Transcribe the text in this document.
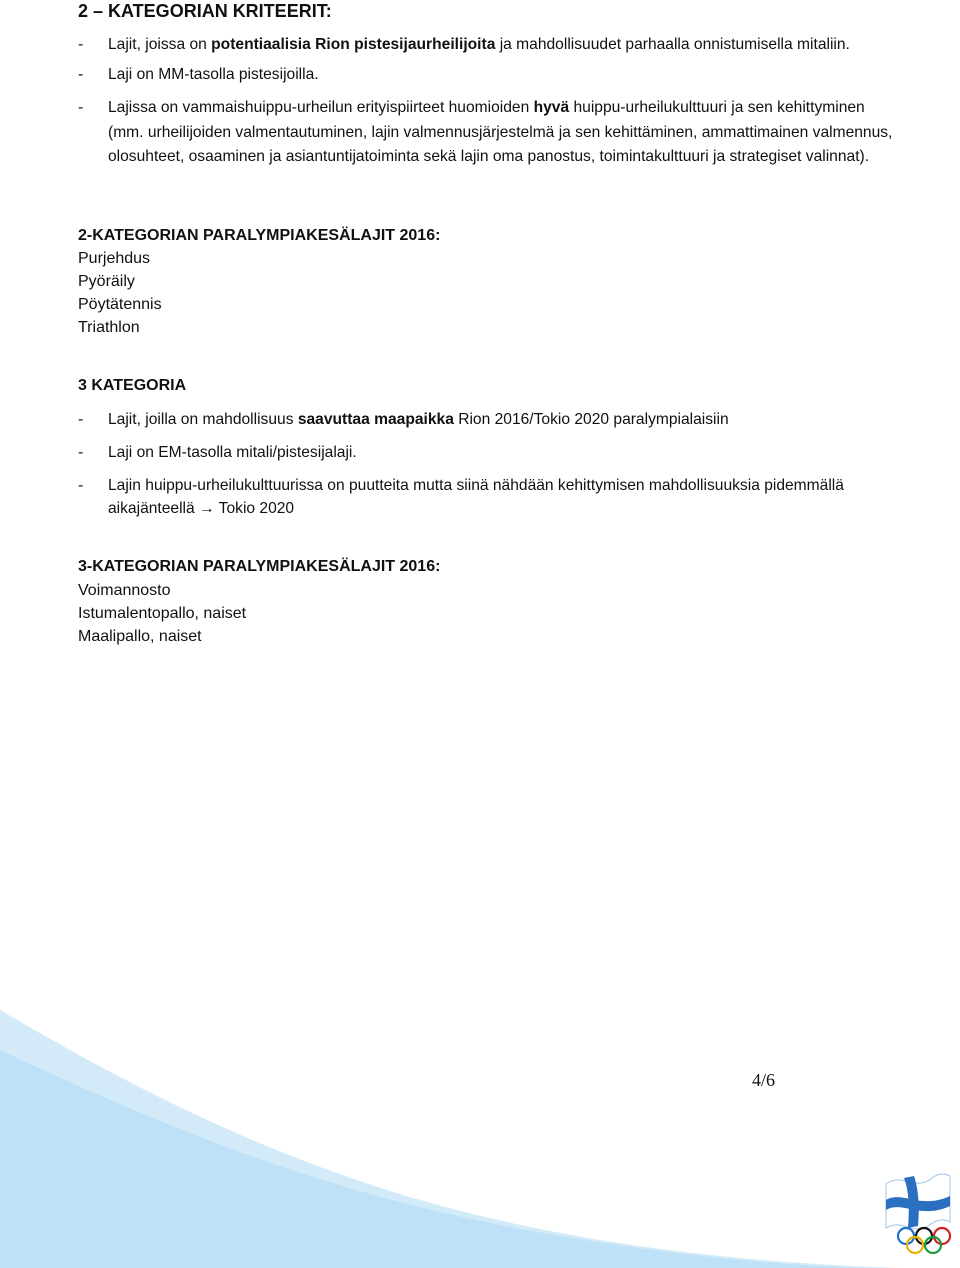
2 – KATEGORIAN KRITEERIT:
-	Lajit, joissa on potentiaalisia Rion pistesijaurheilijoita ja mahdollisuudet parhaalla onnistumisella mitaliin.
-	Laji on MM-tasolla pistesijoilla.
-	Lajissa on vammaishuippu-urheilun erityispiirteet huomioiden hyvä huippu-urheilukulttuuri ja sen kehittyminen (mm. urheilijoiden valmentautuminen, lajin valmennusjärjestelmä ja sen kehittäminen, ammattimainen valmennus, olosuhteet, osaaminen ja asiantuntijatoiminta sekä lajin oma panostus, toimintakulttuuri ja strategiset valinnat).
2-KATEGORIAN PARALYMPIAKESÄLAJIT 2016:
Purjehdus
Pyöräily
Pöytätennis
Triathlon
3 KATEGORIA
-	Lajit, joilla on mahdollisuus saavuttaa maapaikka Rion 2016/Tokio 2020 paralympialaisiin
-	Laji on EM-tasolla mitali/pistesijalaji.
-	Lajin huippu-urheilukulttuurissa on puutteita mutta siinä nähdään kehittymisen mahdollisuuksia pidemmällä aikajänteellä → Tokio 2020
3-KATEGORIAN PARALYMPIAKESÄLAJIT 2016:
Voimannosto
Istumalentopallo, naiset
Maalipallo, naiset
4/6
